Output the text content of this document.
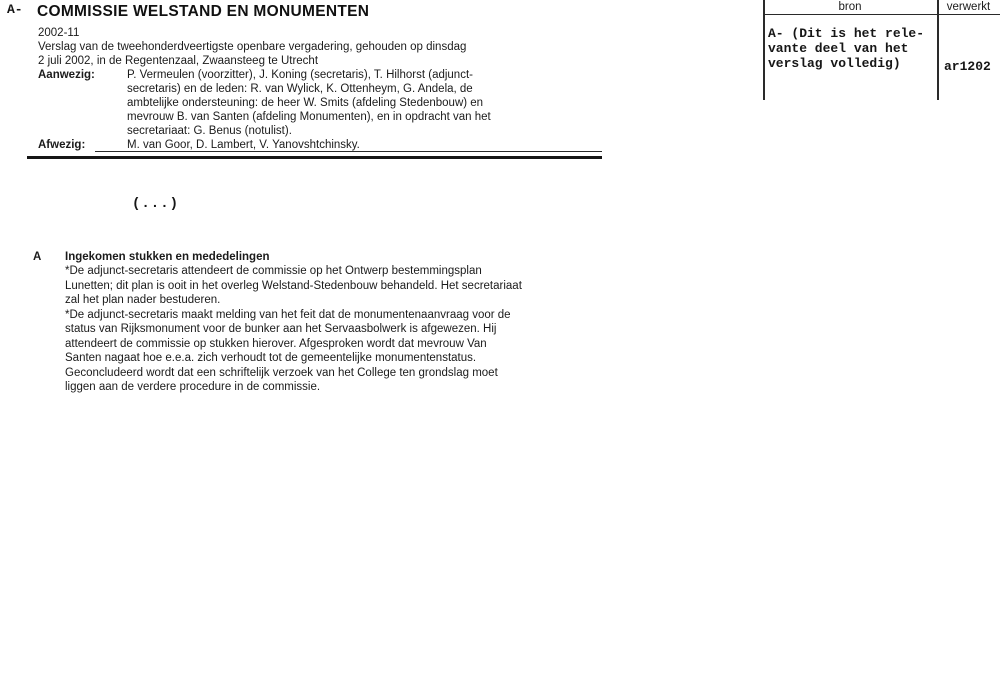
A- COMMISSIE WELSTAND EN MONUMENTEN
2002-11
Verslag van de tweehonderdveertigste openbare vergadering, gehouden op dinsdag
2 juli 2002, in de Regentenzaal, Zwaansteeg te Utrecht
Aanwezig:	P. Vermeulen (voorzitter), J. Koning (secretaris), T. Hilhorst (adjunct-
secretaris) en de leden: R. van Wylick, K. Ottenheym, G. Andela, de
ambtelijke ondersteuning: de heer W. Smits (afdeling Stedenbouw) en
mevrouw B. van Santen (afdeling Monumenten), en in opdracht van het
secretariaat: G. Benus (notulist).
Afwezig:	M. van Goor, D. Lambert, V. Yanovshtchinsky.
(...)
A Ingekomen stukken en mededelingen
*De adjunct-secretaris attendeert de commissie op het Ontwerp bestemmingsplan
Lunetten; dit plan is ooit in het overleg Welstand-Stedenbouw behandeld. Het secretariaat
zal het plan nader bestuderen.
*De adjunct-secretaris maakt melding van het feit dat de monumentenaanvraag voor de
status van Rijksmonument voor de bunker aan het Servaasbolwerk is afgewezen. Hij
attendeert de commissie op stukken hierover. Afgesproken wordt dat mevrouw Van
Santen nagaat hoe e.e.a. zich verhoudt tot de gemeentelijke monumentenstatus.
Geconcludeerd wordt dat een schriftelijk verzoek van het College ten grondslag moet
liggen aan de verdere procedure in de commissie.
bron	verwerkt
A- (Dit is het rele-
vante deel van het
verslag volledig)	ar1202
